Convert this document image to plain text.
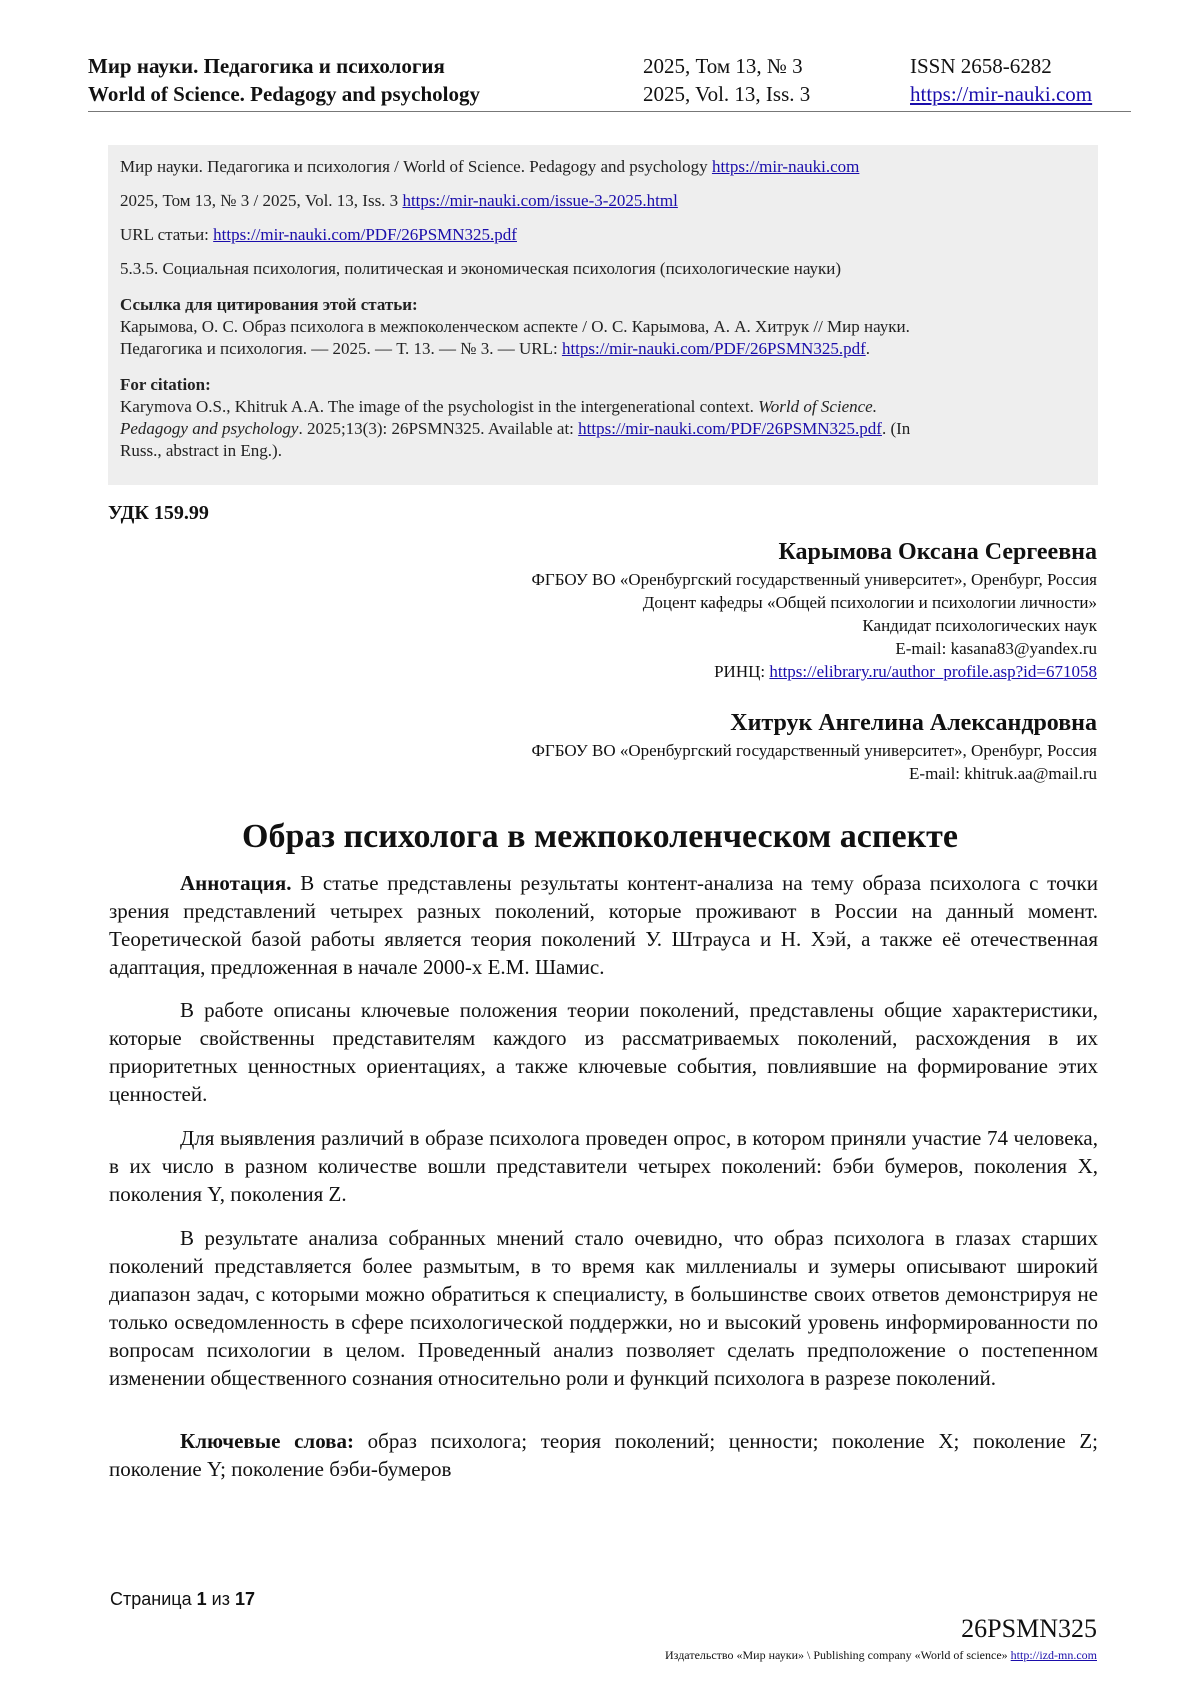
Мир науки. Педагогика и психология
World of Science. Pedagogy and psychology
2025, Том 13, № 3
2025, Vol. 13, Iss. 3
ISSN 2658-6282
https://mir-nauki.com
Мир науки. Педагогика и психология / World of Science. Pedagogy and psychology https://mir-nauki.com
2025, Том 13, № 3 / 2025, Vol. 13, Iss. 3 https://mir-nauki.com/issue-3-2025.html
URL статьи: https://mir-nauki.com/PDF/26PSMN325.pdf
5.3.5. Социальная психология, политическая и экономическая психология (психологические науки)
Ссылка для цитирования этой статьи:
Карымова, О. С. Образ психолога в межпоколенческом аспекте / О. С. Карымова, А. А. Хитрук // Мир науки.
Педагогика и психология. — 2025. — Т. 13. — № 3. — URL: https://mir-nauki.com/PDF/26PSMN325.pdf.
For citation:
Karymova O.S., Khitruk A.A. The image of the psychologist in the intergenerational context. World of Science.
Pedagogy and psychology. 2025;13(3): 26PSMN325. Available at: https://mir-nauki.com/PDF/26PSMN325.pdf. (In
Russ., abstract in Eng.).
УДК 159.99
Карымова Оксана Сергеевна
ФГБОУ ВО «Оренбургский государственный университет», Оренбург, Россия
Доцент кафедры «Общей психологии и психологии личности»
Кандидат психологических наук
E-mail: kasana83@yandex.ru
РИНЦ: https://elibrary.ru/author_profile.asp?id=671058
Хитрук Ангелина Александровна
ФГБОУ ВО «Оренбургский государственный университет», Оренбург, Россия
E-mail: khitruk.aa@mail.ru
Образ психолога в межпоколенческом аспекте
Аннотация. В статье представлены результаты контент-анализа на тему образа психолога с точки зрения представлений четырех разных поколений, которые проживают в России на данный момент. Теоретической базой работы является теория поколений У. Штрауса и Н. Хэй, а также её отечественная адаптация, предложенная в начале 2000-х Е.М. Шамис.
В работе описаны ключевые положения теории поколений, представлены общие характеристики, которые свойственны представителям каждого из рассматриваемых поколений, расхождения в их приоритетных ценностных ориентациях, а также ключевые события, повлиявшие на формирование этих ценностей.
Для выявления различий в образе психолога проведен опрос, в котором приняли участие 74 человека, в их число в разном количестве вошли представители четырех поколений: бэби бумеров, поколения X, поколения Y, поколения Z.
В результате анализа собранных мнений стало очевидно, что образ психолога в глазах старших поколений представляется более размытым, в то время как миллениалы и зумеры описывают широкий диапазон задач, с которыми можно обратиться к специалисту, в большинстве своих ответов демонстрируя не только осведомленность в сфере психологической поддержки, но и высокий уровень информированности по вопросам психологии в целом. Проведенный анализ позволяет сделать предположение о постепенном изменении общественного сознания относительно роли и функций психолога в разрезе поколений.
Ключевые слова: образ психолога; теория поколений; ценности; поколение X; поколение Z; поколение Y; поколение бэби-бумеров
Страница 1 из 17
26PSMN325
Издательство «Мир науки» \ Publishing company «World of science» http://izd-mn.com
